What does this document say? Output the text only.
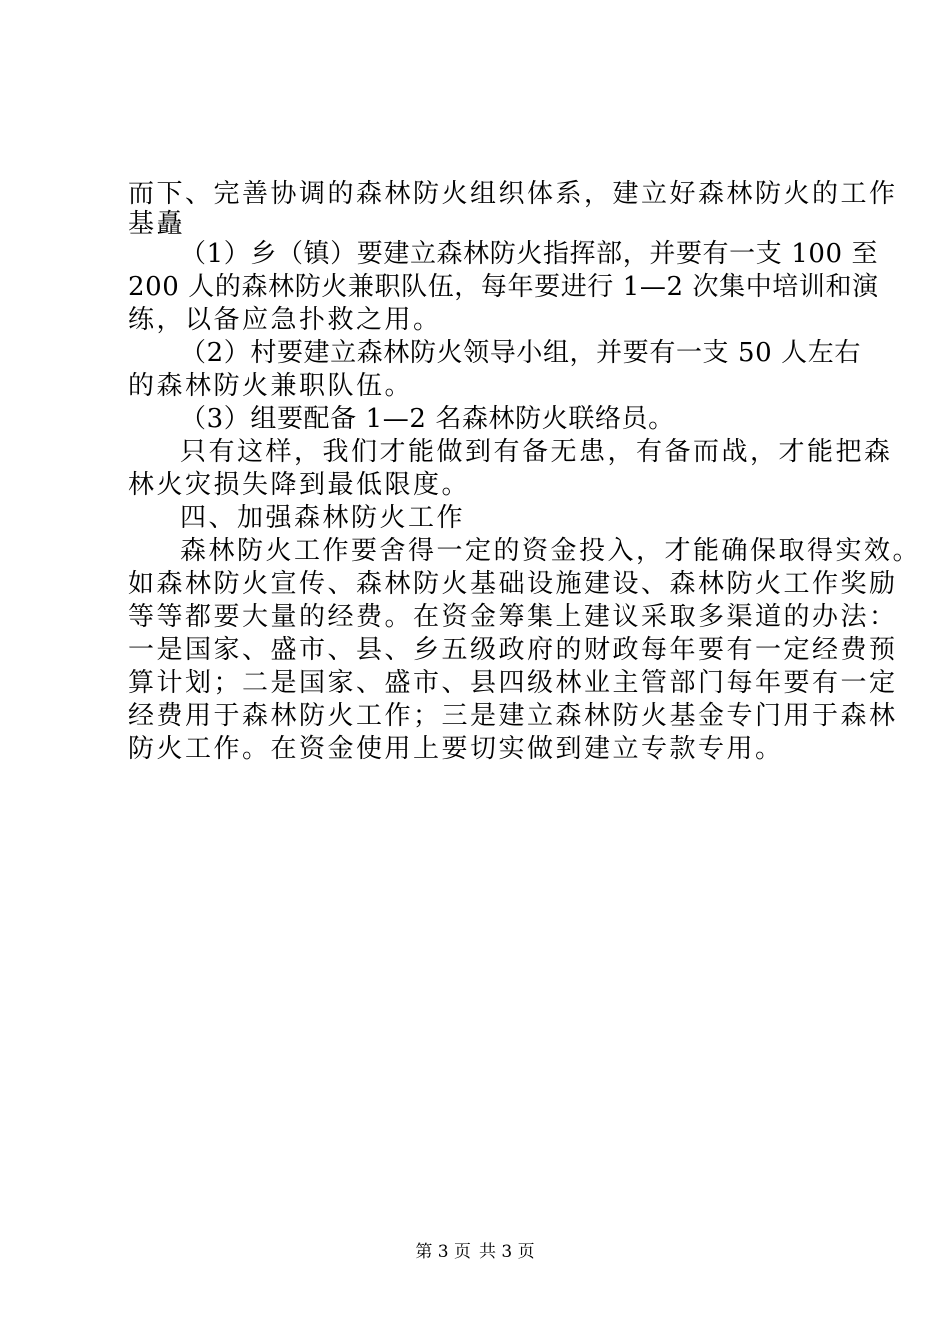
而下、完善协调的森林防火组织体系，建立好森林防火的工作
基矗
（1）乡（镇）要建立森林防火指挥部，并要有一支 100 至
200 人的森林防火兼职队伍，每年要进行 1—2 次集中培训和演
练，以备应急扑救之用。
（2）村要建立森林防火领导小组，并要有一支 50 人左右
的森林防火兼职队伍。
（3）组要配备 1—2 名森林防火联络员。
只有这样，我们才能做到有备无患，有备而战，才能把森
林火灾损失降到最低限度。
四、加强森林防火工作
森林防火工作要舍得一定的资金投入，才能确保取得实效。
如森林防火宣传、森林防火基础设施建设、森林防火工作奖励
等等都要大量的经费。在资金筹集上建议采取多渠道的办法：
一是国家、盛市、县、乡五级政府的财政每年要有一定经费预
算计划；二是国家、盛市、县四级林业主管部门每年要有一定
经费用于森林防火工作；三是建立森林防火基金专门用于森林
防火工作。在资金使用上要切实做到建立专款专用。
第 3 页 共 3 页
